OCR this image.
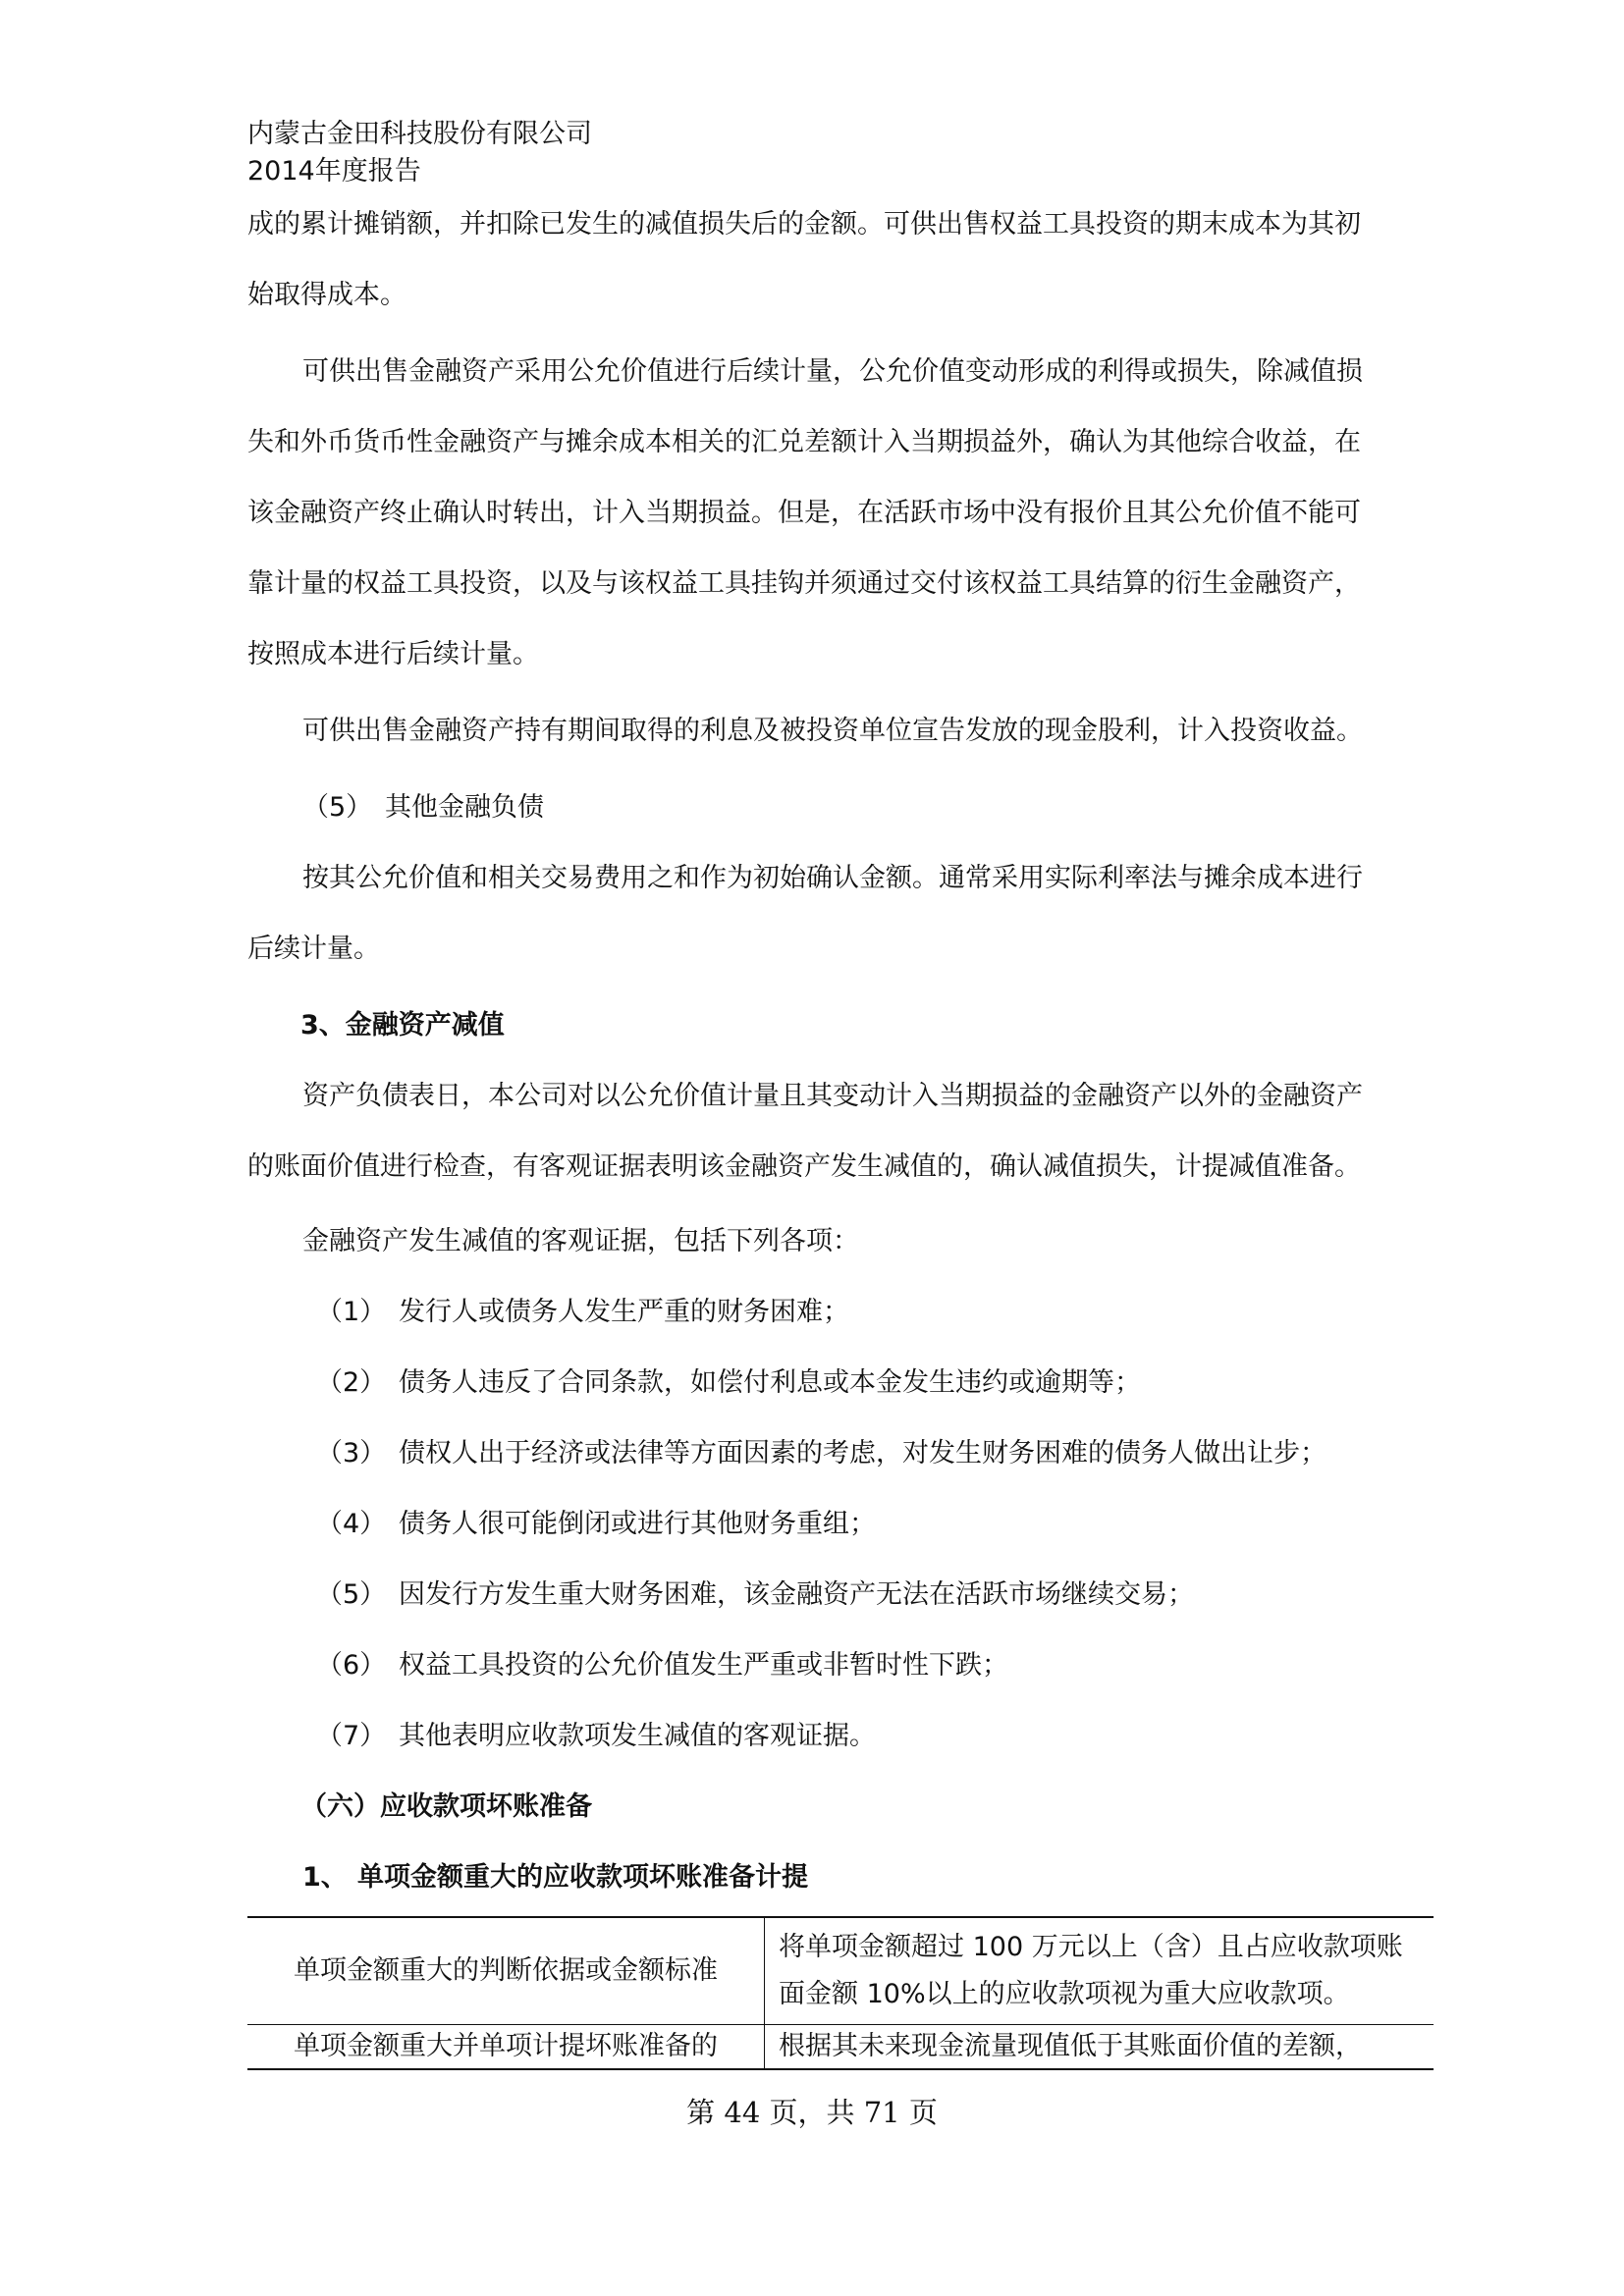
内蒙古金田科技股份有限公司
2014年度报告

成的累计摊销额，并扣除已发生的减值损失后的金额。可供出售权益工具投资的期末成本为其初始取得成本。

可供出售金融资产采用公允价值进行后续计量，公允价值变动形成的利得或损失，除减值损失和外币货币性金融资产与摊余成本相关的汇兑差额计入当期损益外，确认为其他综合收益，在该金融资产终止确认时转出，计入当期损益。但是，在活跃市场中没有报价且其公允价值不能可靠计量的权益工具投资，以及与该权益工具挂钩并须通过交付该权益工具结算的衍生金融资产，按照成本进行后续计量。

可供出售金融资产持有期间取得的利息及被投资单位宣告发放的现金股利，计入投资收益。

（5） 其他金融负债

按其公允价值和相关交易费用之和作为初始确认金额。通常采用实际利率法与摊余成本进行后续计量。

3、金融资产减值

资产负债表日，本公司对以公允价值计量且其变动计入当期损益的金融资产以外的金融资产的账面价值进行检查，有客观证据表明该金融资产发生减值的，确认减值损失，计提减值准备。

金融资产发生减值的客观证据，包括下列各项：

（1） 发行人或债务人发生严重的财务困难；

（2） 债务人违反了合同条款，如偿付利息或本金发生违约或逾期等；

（3） 债权人出于经济或法律等方面因素的考虑，对发生财务困难的债务人做出让步；

（4） 债务人很可能倒闭或进行其他财务重组；

（5） 因发行方发生重大财务困难，该金融资产无法在活跃市场继续交易；

（6） 权益工具投资的公允价值发生严重或非暂时性下跌；

（7） 其他表明应收款项发生减值的客观证据。

（六）应收款项坏账准备

1、 单项金额重大的应收款项坏账准备计提

单项金额重大的判断依据或金额标准	将单项金额超过 100 万元以上（含）且占应收款项账面金额 10%以上的应收款项视为重大应收款项。
单项金额重大并单项计提坏账准备的	根据其未来现金流量现值低于其账面价值的差额，
第 44 页，共 71 页
